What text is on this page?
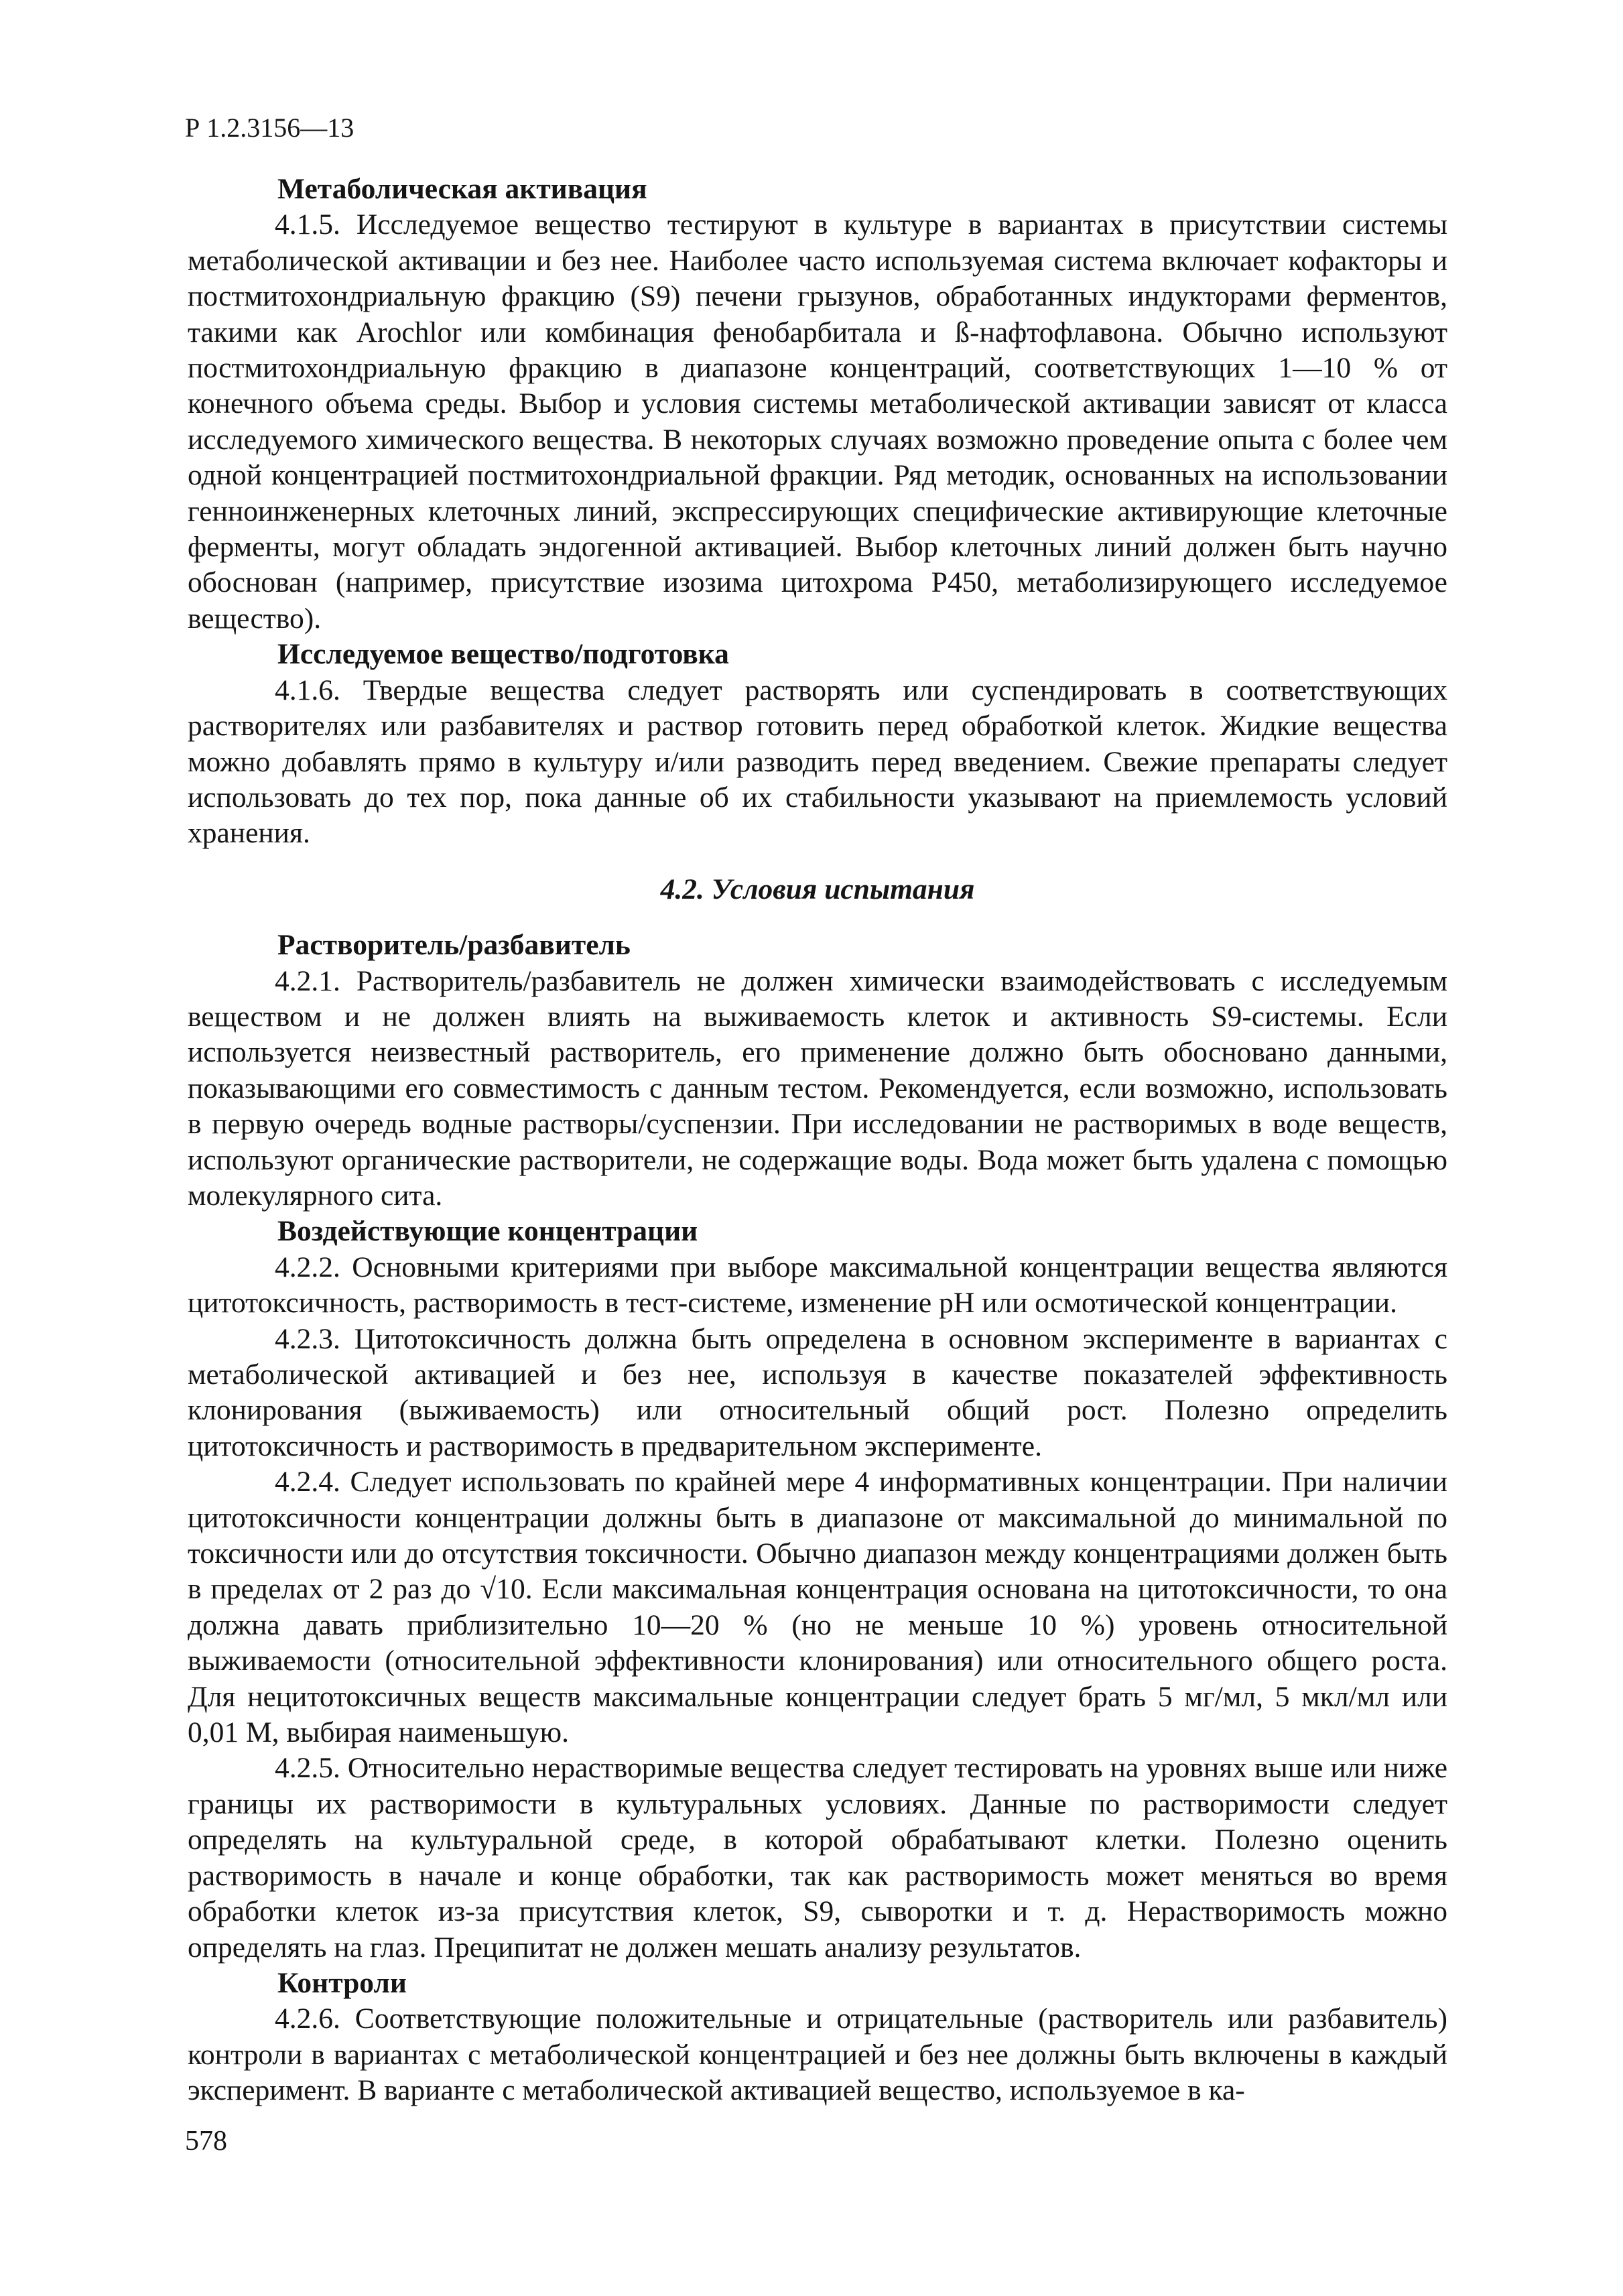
Р 1.2.3156—13
Метаболическая активация

4.1.5. Исследуемое вещество тестируют в культуре в вариантах в присутствии системы метаболической активации и без нее. Наиболее часто используемая система включает кофакторы и постмитохондриальную фракцию (S9) печени грызунов, обработанных индукторами ферментов, такими как Arochlor или комбинация фенобарбитала и ß-нафтофлавона. Обычно используют постмитохондриальную фракцию в диапазоне концентраций, соответствующих 1—10 % от конечного объема среды. Выбор и условия системы метаболической активации зависят от класса исследуемого химического вещества. В некоторых случаях возможно проведение опыта с более чем одной концентрацией постмитохондриальной фракции. Ряд методик, основанных на использовании генноинженерных клеточных линий, экспрессирующих специфические активирующие клеточные ферменты, могут обладать эндогенной активацией. Выбор клеточных линий должен быть научно обоснован (например, присутствие изозима цитохрома Р450, метаболизирующего исследуемое вещество).

Исследуемое вещество/подготовка

4.1.6. Твердые вещества следует растворять или суспендировать в соответствующих растворителях или разбавителях и раствор готовить перед обработкой клеток. Жидкие вещества можно добавлять прямо в культуру и/или разводить перед введением. Свежие препараты следует использовать до тех пор, пока данные об их стабильности указывают на приемлемость условий хранения.

4.2. Условия испытания
Растворитель/разбавитель

4.2.1. Растворитель/разбавитель не должен химически взаимодействовать с исследуемым веществом и не должен влиять на выживаемость клеток и активность S9-системы. Если используется неизвестный растворитель, его применение должно быть обосновано данными, показывающими его совместимость с данным тестом. Рекомендуется, если возможно, использовать в первую очередь водные растворы/суспензии. При исследовании не растворимых в воде веществ, используют органические растворители, не содержащие воды. Вода может быть удалена с помощью молекулярного сита.

Воздействующие концентрации

4.2.2. Основными критериями при выборе максимальной концентрации вещества являются цитотоксичность, растворимость в тест-системе, изменение pH или осмотической концентрации.

4.2.3. Цитотоксичность должна быть определена в основном эксперименте в вариантах с метаболической активацией и без нее, используя в качестве показателей эффективность клонирования (выживаемость) или относительный общий рост. Полезно определить цитотоксичность и растворимость в предварительном эксперименте.

4.2.4. Следует использовать по крайней мере 4 информативных концентрации. При наличии цитотоксичности концентрации должны быть в диапазоне от максимальной до минимальной по токсичности или до отсутствия токсичности. Обычно диапазон между концентрациями должен быть в пределах от 2 раз до √10. Если максимальная концентрация основана на цитотоксичности, то она должна давать приблизительно 10—20 % (но не меньше 10 %) уровень относительной выживаемости (относительной эффективности клонирования) или относительного общего роста. Для нецитотоксичных веществ максимальные концентрации следует брать 5 мг/мл, 5 мкл/мл или 0,01 М, выбирая наименьшую.

4.2.5. Относительно нерастворимые вещества следует тестировать на уровнях выше или ниже границы их растворимости в культуральных условиях. Данные по растворимости следует определять на культуральной среде, в которой обрабатывают клетки. Полезно оценить растворимость в начале и конце обработки, так как растворимость может меняться во время обработки клеток из-за присутствия клеток, S9, сыворотки и т. д. Нерастворимость можно определять на глаз. Преципитат не должен мешать анализу результатов.

Контроли

4.2.6. Соответствующие положительные и отрицательные (растворитель или разбавитель) контроли в вариантах с метаболической концентрацией и без нее должны быть включены в каждый эксперимент. В варианте с метаболической активацией вещество, используемое в ка-

578
